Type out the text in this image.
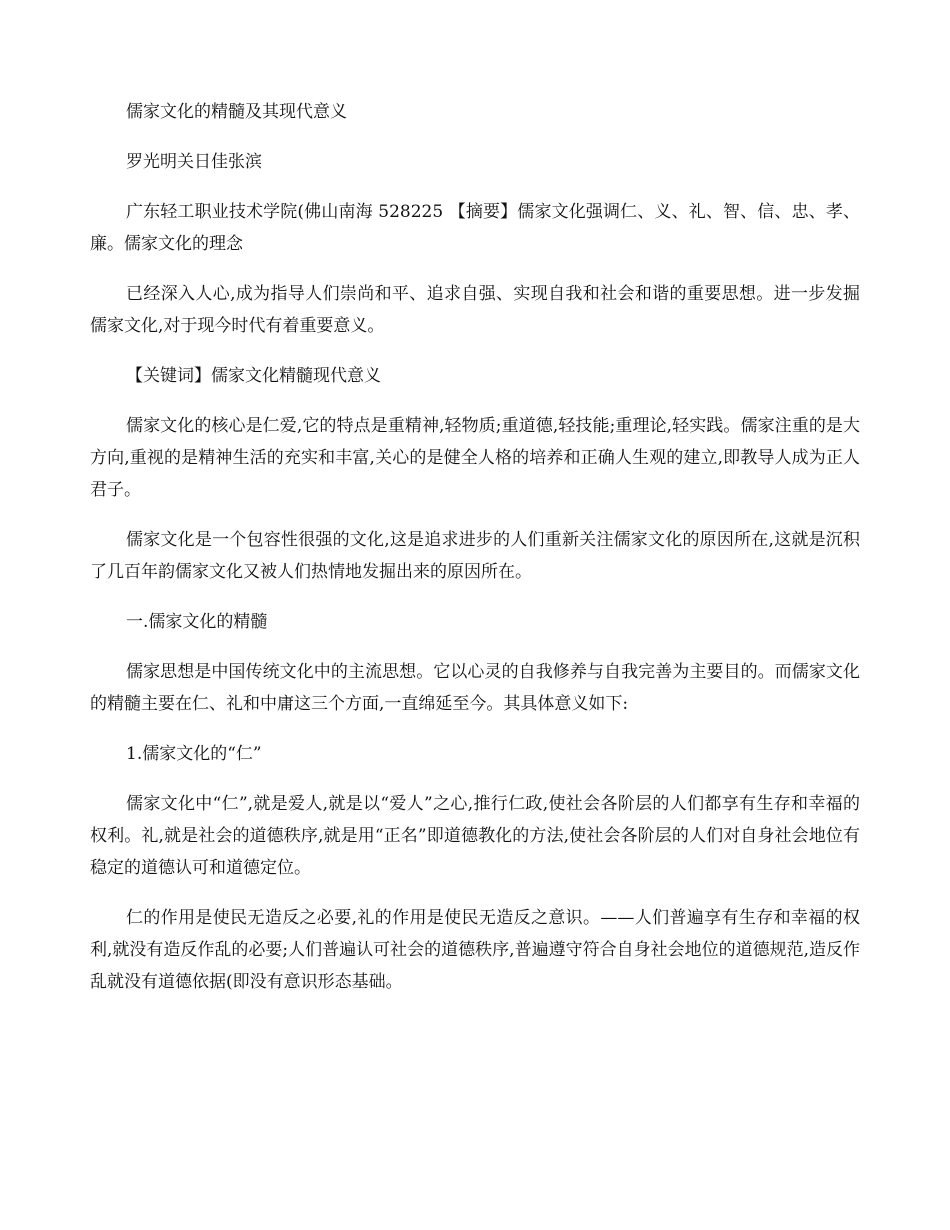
儒家文化的精髓及其现代意义

罗光明关日佳张滨

广东轻工职业技术学院(佛山南海 528225 【摘要】儒家文化强调仁、义、礼、智、信、忠、孝、廉。儒家文化的理念

已经深入人心,成为指导人们崇尚和平、追求自强、实现自我和社会和谐的重要思想。进一步发掘儒家文化,对于现今时代有着重要意义。

【关键词】儒家文化精髓现代意义

儒家文化的核心是仁爱,它的特点是重精神,轻物质;重道德,轻技能;重理论,轻实践。儒家注重的是大方向,重视的是精神生活的充实和丰富,关心的是健全人格的培养和正确人生观的建立,即教导人成为正人君子。

儒家文化是一个包容性很强的文化,这是追求进步的人们重新关注儒家文化的原因所在,这就是沉积了几百年韵儒家文化又被人们热情地发掘出来的原因所在。

一.儒家文化的精髓

儒家思想是中国传统文化中的主流思想。它以心灵的自我修养与自我完善为主要目的。而儒家文化的精髓主要在仁、礼和中庸这三个方面,一直绵延至今。其具体意义如下:

1.儒家文化的“仁”

儒家文化中“仁”,就是爱人,就是以“爱人”之心,推行仁政,使社会各阶层的人们都享有生存和幸福的权利。礼,就是社会的道德秩序,就是用“正名”即道德教化的方法,使社会各阶层的人们对自身社会地位有稳定的道德认可和道德定位。

仁的作用是使民无造反之必要,礼的作用是使民无造反之意识。——人们普遍享有生存和幸福的权利,就没有造反作乱的必要;人们普遍认可社会的道德秩序,普遍遵守符合自身社会地位的道德规范,造反作乱就没有道德依据(即没有意识形态基础。
